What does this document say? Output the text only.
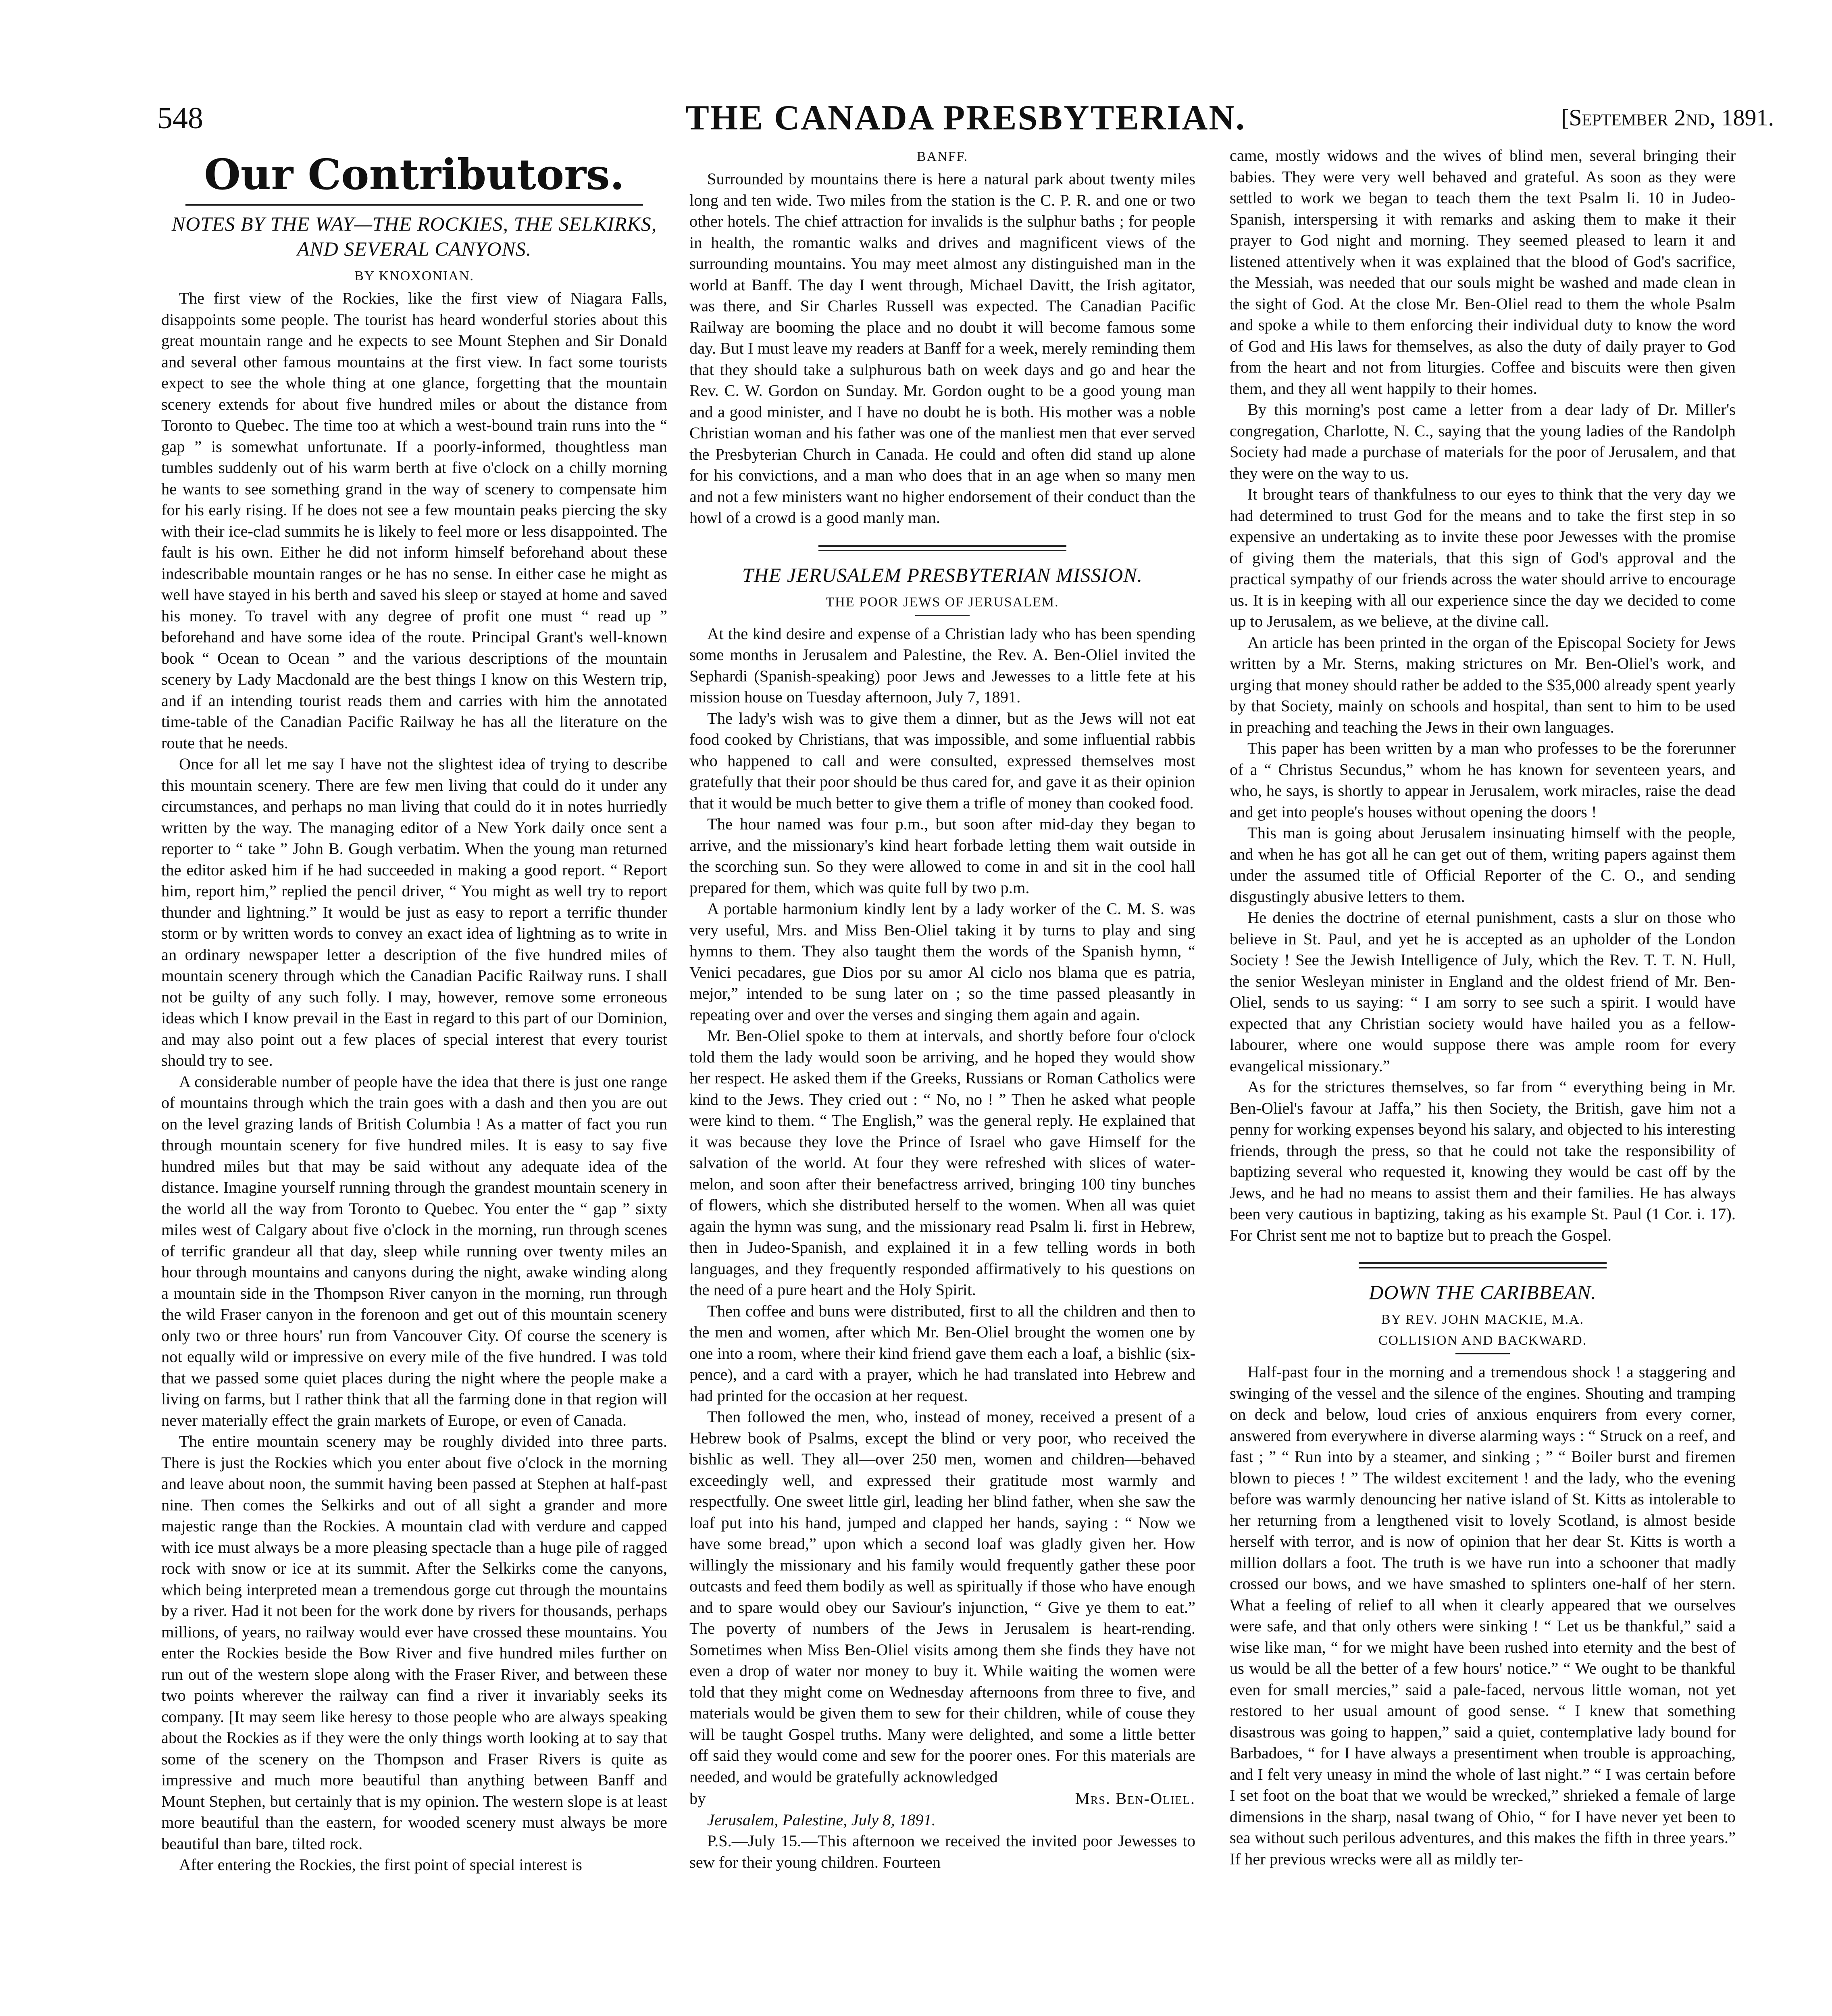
548	THE CANADA PRESBYTERIAN.	[September 2nd, 1891.
Our Contributors.
NOTES BY THE WAY—THE ROCKIES, THE SELKIRKS, AND SEVERAL CANYONS.
BY KNOXONIAN.

The first view of the Rockies, like the first view of Niagara Falls, disappoints some people. The tourist has heard wonderful stories about this great mountain range and he expects to see Mount Stephen and Sir Donald and several other famous mountains at the first view. In fact some tourists expect to see the whole thing at one glance, forgetting that the mountain scenery extends for about five hundred miles or about the distance from Toronto to Quebec. The time too at which a west-bound train runs into the “ gap ” is somewhat unfortunate. If a poorly-informed, thoughtless man tumbles suddenly out of his warm berth at five o'clock on a chilly morning he wants to see something grand in the way of scenery to compensate him for his early rising. If he does not see a few mountain peaks piercing the sky with their ice-clad summits he is likely to feel more or less disappointed. The fault is his own. Either he did not inform himself beforehand about these indescribable mountain ranges or he has no sense. In either case he might as well have stayed in his berth and saved his sleep or stayed at home and saved his money. To travel with any degree of profit one must “ read up ” beforehand and have some idea of the route. Principal Grant's well-known book “ Ocean to Ocean ” and the various descriptions of the mountain scenery by Lady Macdonald are the best things I know on this Western trip, and if an intending tourist reads them and carries with him the annotated time-table of the Canadian Pacific Railway he has all the literature on the route that he needs.

Once for all let me say I have not the slightest idea of trying to describe this mountain scenery. There are few men living that could do it under any circumstances, and perhaps no man living that could do it in notes hurriedly written by the way. The managing editor of a New York daily once sent a reporter to “ take ” John B. Gough verbatim. When the young man returned the editor asked him if he had succeeded in making a good report. “ Report him, report him,” replied the pencil driver, “ You might as well try to report thunder and lightning.” It would be just as easy to report a terrific thunder storm or by written words to convey an exact idea of lightning as to write in an ordinary newspaper letter a description of the five hundred miles of mountain scenery through which the Canadian Pacific Railway runs. I shall not be guilty of any such folly. I may, however, remove some erroneous ideas which I know prevail in the East in regard to this part of our Dominion, and may also point out a few places of special interest that every tourist should try to see.

A considerable number of people have the idea that there is just one range of mountains through which the train goes with a dash and then you are out on the level grazing lands of British Columbia ! As a matter of fact you run through mountain scenery for five hundred miles. It is easy to say five hundred miles but that may be said without any adequate idea of the distance. Imagine yourself running through the grandest mountain scenery in the world all the way from Toronto to Quebec. You enter the “ gap ” sixty miles west of Calgary about five o'clock in the morning, run through scenes of terrific grandeur all that day, sleep while running over twenty miles an hour through mountains and canyons during the night, awake winding along a mountain side in the Thompson River canyon in the morning, run through the wild Fraser canyon in the forenoon and get out of this mountain scenery only two or three hours' run from Vancouver City. Of course the scenery is not equally wild or impressive on every mile of the five hundred. I was told that we passed some quiet places during the night where the people make a living on farms, but I rather think that all the farming done in that region will never materially effect the grain markets of Europe, or even of Canada.

The entire mountain scenery may be roughly divided into three parts. There is just the Rockies which you enter about five o'clock in the morning and leave about noon, the summit having been passed at Stephen at half-past nine. Then comes the Selkirks and out of all sight a grander and more majestic range than the Rockies. A mountain clad with verdure and capped with ice must always be a more pleasing spectacle than a huge pile of ragged rock with snow or ice at its summit. After the Selkirks come the canyons, which being interpreted mean a tremendous gorge cut through the mountains by a river. Had it not been for the work done by rivers for thousands, perhaps millions, of years, no railway would ever have crossed these mountains. You enter the Rockies beside the Bow River and five hundred miles further on run out of the western slope along with the Fraser River, and between these two points wherever the railway can find a river it invariably seeks its company. [It may seem like heresy to those people who are always speaking about the Rockies as if they were the only things worth looking at to say that some of the scenery on the Thompson and Fraser Rivers is quite as impressive and much more beautiful than anything between Banff and Mount Stephen, but certainly that is my opinion. The western slope is at least more beautiful than the eastern, for wooded scenery must always be more beautiful than bare, tilted rock.

After entering the Rockies, the first point of special interest is

BANFF.

Surrounded by mountains there is here a natural park about twenty miles long and ten wide. Two miles from the station is the C. P. R. and one or two other hotels. The chief attraction for invalids is the sulphur baths ; for people in health, the romantic walks and drives and magnificent views of the surrounding mountains. You may meet almost any distinguished man in the world at Banff. The day I went through, Michael Davitt, the Irish agitator, was there, and Sir Charles Russell was expected. The Canadian Pacific Railway are booming the place and no doubt it will become famous some day. But I must leave my readers at Banff for a week, merely reminding them that they should take a sulphurous bath on week days and go and hear the Rev. C. W. Gordon on Sunday. Mr. Gordon ought to be a good young man and a good minister, and I have no doubt he is both. His mother was a noble Christian woman and his father was one of the manliest men that ever served the Presbyterian Church in Canada. He could and often did stand up alone for his convictions, and a man who does that in an age when so many men and not a few ministers want no higher endorsement of their conduct than the howl of a crowd is a good manly man.

THE JERUSALEM PRESBYTERIAN MISSION.
THE POOR JEWS OF JERUSALEM.

At the kind desire and expense of a Christian lady who has been spending some months in Jerusalem and Palestine, the Rev. A. Ben-Oliel invited the Sephardi (Spanish-speaking) poor Jews and Jewesses to a little fete at his mission house on Tuesday afternoon, July 7, 1891.

The lady's wish was to give them a dinner, but as the Jews will not eat food cooked by Christians, that was impossible, and some influential rabbis who happened to call and were consulted, expressed themselves most gratefully that their poor should be thus cared for, and gave it as their opinion that it would be much better to give them a trifle of money than cooked food.

The hour named was four p.m., but soon after mid-day they began to arrive, and the missionary's kind heart forbade letting them wait outside in the scorching sun. So they were allowed to come in and sit in the cool hall prepared for them, which was quite full by two p.m.

A portable harmonium kindly lent by a lady worker of the C. M. S. was very useful, Mrs. and Miss Ben-Oliel taking it by turns to play and sing hymns to them. They also taught them the words of the Spanish hymn, “ Venici pecadares, gue Dios por su amor Al ciclo nos blama que es patria, mejor,” intended to be sung later on ; so the time passed pleasantly in repeating over and over the verses and singing them again and again.

Mr. Ben-Oliel spoke to them at intervals, and shortly before four o'clock told them the lady would soon be arriving, and he hoped they would show her respect. He asked them if the Greeks, Russians or Roman Catholics were kind to the Jews. They cried out : “ No, no ! ” Then he asked what people were kind to them. “ The English,” was the general reply. He explained that it was because they love the Prince of Israel who gave Himself for the salvation of the world. At four they were refreshed with slices of water-melon, and soon after their benefactress arrived, bringing 100 tiny bunches of flowers, which she distributed herself to the women. When all was quiet again the hymn was sung, and the missionary read Psalm li. first in Hebrew, then in Judeo-Spanish, and explained it in a few telling words in both languages, and they frequently responded affirmatively to his questions on the need of a pure heart and the Holy Spirit.

Then coffee and buns were distributed, first to all the children and then to the men and women, after which Mr. Ben-Oliel brought the women one by one into a room, where their kind friend gave them each a loaf, a bishlic (six-pence), and a card with a prayer, which he had translated into Hebrew and had printed for the occasion at her request.

Then followed the men, who, instead of money, received a present of a Hebrew book of Psalms, except the blind or very poor, who received the bishlic as well. They all—over 250 men, women and children—behaved exceedingly well, and expressed their gratitude most warmly and respectfully. One sweet little girl, leading her blind father, when she saw the loaf put into his hand, jumped and clapped her hands, saying : “ Now we have some bread,” upon which a second loaf was gladly given her. How willingly the missionary and his family would frequently gather these poor outcasts and feed them bodily as well as spiritually if those who have enough and to spare would obey our Saviour's injunction, “ Give ye them to eat.” The poverty of numbers of the Jews in Jerusalem is heart-rending. Sometimes when Miss Ben-Oliel visits among them she finds they have not even a drop of water nor money to buy it. While waiting the women were told that they might come on Wednesday afternoons from three to five, and materials would be given them to sew for their children, while of couse they will be taught Gospel truths. Many were delighted, and some a little better off said they would come and sew for the poorer ones. For this materials are needed, and would be gratefully acknowledged

by	Mrs. Ben-Oliel.

Jerusalem, Palestine, July 8, 1891.

P.S.—July 15.—This afternoon we received the invited poor Jewesses to sew for their young children. Fourteen

came, mostly widows and the wives of blind men, several bringing their babies. They were very well behaved and grateful. As soon as they were settled to work we began to teach them the text Psalm li. 10 in Judeo-Spanish, interspersing it with remarks and asking them to make it their prayer to God night and morning. They seemed pleased to learn it and listened attentively when it was explained that the blood of God's sacrifice, the Messiah, was needed that our souls might be washed and made clean in the sight of God. At the close Mr. Ben-Oliel read to them the whole Psalm and spoke a while to them enforcing their individual duty to know the word of God and His laws for themselves, as also the duty of daily prayer to God from the heart and not from liturgies. Coffee and biscuits were then given them, and they all went happily to their homes.

By this morning's post came a letter from a dear lady of Dr. Miller's congregation, Charlotte, N. C., saying that the young ladies of the Randolph Society had made a purchase of materials for the poor of Jerusalem, and that they were on the way to us.

It brought tears of thankfulness to our eyes to think that the very day we had determined to trust God for the means and to take the first step in so expensive an undertaking as to invite these poor Jewesses with the promise of giving them the materials, that this sign of God's approval and the practical sympathy of our friends across the water should arrive to encourage us. It is in keeping with all our experience since the day we decided to come up to Jerusalem, as we believe, at the divine call.

An article has been printed in the organ of the Episcopal Society for Jews written by a Mr. Sterns, making strictures on Mr. Ben-Oliel's work, and urging that money should rather be added to the $35,000 already spent yearly by that Society, mainly on schools and hospital, than sent to him to be used in preaching and teaching the Jews in their own languages.

This paper has been written by a man who professes to be the forerunner of a “ Christus Secundus,” whom he has known for seventeen years, and who, he says, is shortly to appear in Jerusalem, work miracles, raise the dead and get into people's houses without opening the doors !

This man is going about Jerusalem insinuating himself with the people, and when he has got all he can get out of them, writing papers against them under the assumed title of Official Reporter of the C. O., and sending disgustingly abusive letters to them.

He denies the doctrine of eternal punishment, casts a slur on those who believe in St. Paul, and yet he is accepted as an upholder of the London Society ! See the Jewish Intelligence of July, which the Rev. T. T. N. Hull, the senior Wesleyan minister in England and the oldest friend of Mr. Ben-Oliel, sends to us saying: “ I am sorry to see such a spirit. I would have expected that any Christian society would have hailed you as a fellow-labourer, where one would suppose there was ample room for every evangelical missionary.”

As for the strictures themselves, so far from “ everything being in Mr. Ben-Oliel's favour at Jaffa,” his then Society, the British, gave him not a penny for working expenses beyond his salary, and objected to his interesting friends, through the press, so that he could not take the responsibility of baptizing several who requested it, knowing they would be cast off by the Jews, and he had no means to assist them and their families. He has always been very cautious in baptizing, taking as his example St. Paul (1 Cor. i. 17). For Christ sent me not to baptize but to preach the Gospel.

DOWN THE CARIBBEAN.
BY REV. JOHN MACKIE, M.A.
COLLISION AND BACKWARD.

Half-past four in the morning and a tremendous shock ! a staggering and swinging of the vessel and the silence of the engines. Shouting and tramping on deck and below, loud cries of anxious enquirers from every corner, answered from everywhere in diverse alarming ways : “ Struck on a reef, and fast ; ” “ Run into by a steamer, and sinking ; ” “ Boiler burst and firemen blown to pieces ! ” The wildest excitement ! and the lady, who the evening before was warmly denouncing her native island of St. Kitts as intolerable to her returning from a lengthened visit to lovely Scotland, is almost beside herself with terror, and is now of opinion that her dear St. Kitts is worth a million dollars a foot. The truth is we have run into a schooner that madly crossed our bows, and we have smashed to splinters one-half of her stern. What a feeling of relief to all when it clearly appeared that we ourselves were safe, and that only others were sinking ! “ Let us be thankful,” said a wise like man, “ for we might have been rushed into eternity and the best of us would be all the better of a few hours' notice.” “ We ought to be thankful even for small mercies,” said a pale-faced, nervous little woman, not yet restored to her usual amount of good sense. “ I knew that something disastrous was going to happen,” said a quiet, contemplative lady bound for Barbadoes, “ for I have always a presentiment when trouble is approaching, and I felt very uneasy in mind the whole of last night.” “ I was certain before I set foot on the boat that we would be wrecked,” shrieked a female of large dimensions in the sharp, nasal twang of Ohio, “ for I have never yet been to sea without such perilous adventures, and this makes the fifth in three years.” If her previous wrecks were all as mildly ter-
